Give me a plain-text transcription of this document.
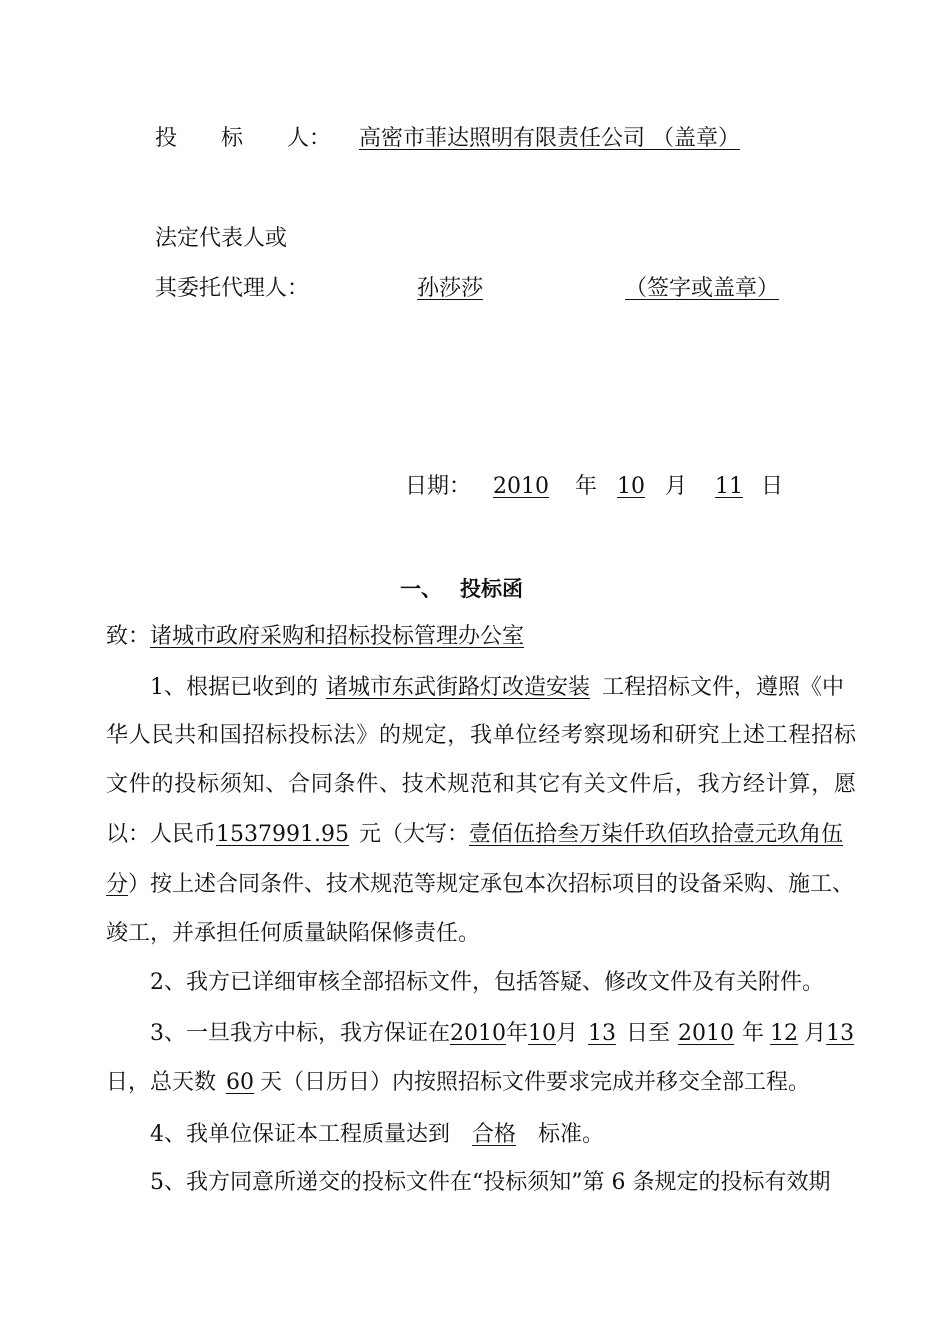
投　　标　　人： 高密市菲达照明有限责任公司 （盖章）
法定代表人或
其委托代理人：	孙莎莎	（签字或盖章）
日期： 2010 年 10 月 11 日
一、 投标函
致：诸城市政府采购和招标投标管理办公室
1、根据已收到的 诸城市东武街路灯改造安装 工程招标文件，遵照《中
华人民共和国招标投标法》的规定，我单位经考察现场和研究上述工程招标
文件的投标须知、合同条件、技术规范和其它有关文件后，我方经计算，愿
以：人民币1537991.95 元（大写：壹佰伍拾叁万柒仟玖佰玖拾壹元玖角伍
分）按上述合同条件、技术规范等规定承包本次招标项目的设备采购、施工、
竣工，并承担任何质量缺陷保修责任。
2、我方已详细审核全部招标文件，包括答疑、修改文件及有关附件。
3、一旦我方中标，我方保证在2010年10月 13 日至 2010 年 12 月13
日，总天数 60 天（日历日）内按照招标文件要求完成并移交全部工程。
4、我单位保证本工程质量达到 合格 标准。
5、我方同意所递交的投标文件在“投标须知”第 6 条规定的投标有效期
